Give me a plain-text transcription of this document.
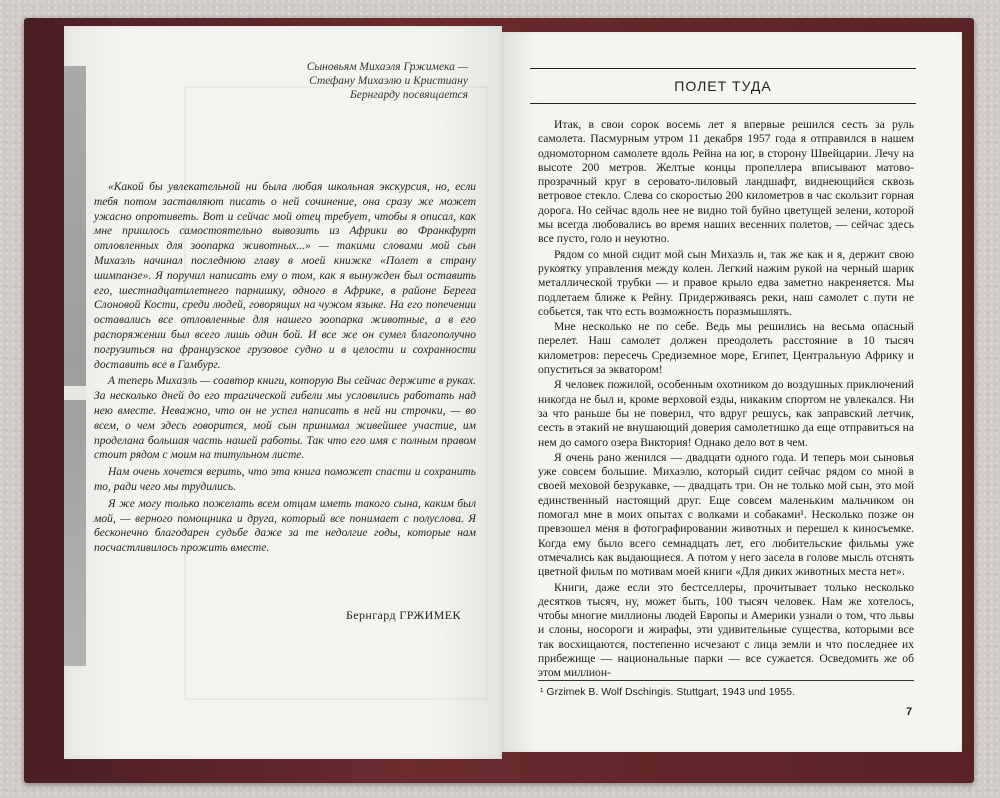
Сыновьям Михаэля Гржимека —
Стефану Михаэлю и Кристиану
Бернгарду посвящается

«Какой бы увлекательной ни была любая школьная экскурсия, но, если тебя потом заставляют писать о ней сочинение, она сразу же может ужасно опротиветь. Вот и сейчас мой отец требует, чтобы я описал, как мне пришлось самостоятельно вывозить из Африки во Франкфурт отловленных для зоопарка животных...» — такими словами мой сын Михаэль начинал последнюю главу в моей книжке «Полет в страну шимпанзе». Я поручил написать ему о том, как я вынужден был оставить его, шестнадцатилетнего парнишку, одного в Африке, в районе Берега Слоновой Кости, среди людей, говорящих на чужом языке. На его попечении оставались все отловленные для нашего зоопарка животные, а в его распоряжении был всего лишь один бой. И все же он сумел благополучно погрузиться на французское грузовое судно и в целости и сохранности доставить все в Гамбург.

А теперь Михаэль — соавтор книги, которую Вы сейчас держите в руках. За несколько дней до его трагической гибели мы условились работать над нею вместе. Неважно, что он не успел написать в ней ни строчки, — во всем, о чем здесь говорится, мой сын принимал живейшее участие, им проделана большая часть нашей работы. Так что его имя с полным правом стоит рядом с моим на титульном листе.

Нам очень хочется верить, что эта книга поможет спасти и сохранить то, ради чего мы трудились.

Я же могу только пожелать всем отцам иметь такого сына, каким был мой, — верного помощника и друга, который все понимает с полуслова. Я бесконечно благодарен судьбе даже за те недолгие годы, которые нам посчастливилось прожить вместе.

Бернгард ГРЖИМЕК
ПОЛЕТ ТУДА

Итак, в свои сорок восемь лет я впервые решился сесть за руль самолета. Пасмурным утром 11 декабря 1957 года я отправился в нашем одномоторном самолете вдоль Рейна на юг, в сторону Швейцарии. Лечу на высоте 200 метров. Желтые концы пропеллера вписывают матово-прозрачный круг в серовато-лиловый ландшафт, виднеющийся сквозь ветровое стекло. Слева со скоростью 200 километров в час скользит горная дорога. Но сейчас вдоль нее не видно той буйно цветущей зелени, которой мы всегда любовались во время наших весенних полетов, — сейчас здесь все пусто, голо и неуютно.

Рядом со мной сидит мой сын Михаэль и, так же как и я, держит свою рукоятку управления между колен. Легкий нажим рукой на черный шарик металлической трубки — и правое крыло едва заметно накреняется. Мы подлетаем ближе к Рейну. Придерживаясь реки, наш самолет с пути не собьется, так что есть возможность поразмышлять.

Мне несколько не по себе. Ведь мы решились на весьма опасный перелет. Наш самолет должен преодолеть расстояние в 10 тысяч километров: пересечь Средиземное море, Египет, Центральную Африку и опуститься за экватором!

Я человек пожилой, особенным охотником до воздушных приключений никогда не был и, кроме верховой езды, никаким спортом не увлекался. Ни за что раньше бы не поверил, что вдруг решусь, как заправский летчик, сесть в этакий не внушающий доверия самолетишко да еще отправиться на нем до самого озера Виктория! Однако дело вот в чем.

Я очень рано женился — двадцати одного года. И теперь мои сыновья уже совсем большие. Михаэлю, который сидит сейчас рядом со мной в своей меховой безрукавке, — двадцать три. Он не только мой сын, это мой единственный настоящий друг. Еще совсем маленьким мальчиком он помогал мне в моих опытах с волками и собаками¹. Несколько позже он превзошел меня в фотографировании животных и перешел к киносъемке. Когда ему было всего семнадцать лет, его любительские фильмы уже отмечались как выдающиеся. А потом у него засела в голове мысль отснять цветной фильм по мотивам моей книги «Для диких животных места нет».

Книги, даже если это бестселлеры, прочитывает только несколько десятков тысяч, ну, может быть, 100 тысяч человек. Нам же хотелось, чтобы многие миллионы людей Европы и Америки узнали о том, что львы и слоны, носороги и жирафы, эти удивительные существа, которыми все так восхищаются, постепенно исчезают с лица земли и что последнее их прибежище — национальные парки — все сужается. Осведомить же об этом миллион-

¹ Grzimek B. Wolf Dschingis. Stuttgart, 1943 und 1955.
7
